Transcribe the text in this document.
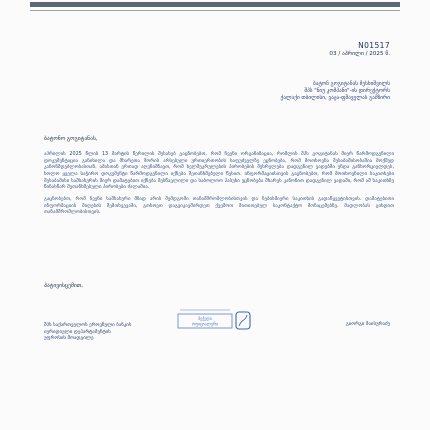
N01517
03 / აპრილი / 2025 წ.
ბატონ გოგიტანას მესხიშვილს
შპს "ნიუ კომპანი"-ის დირექტორს
ქალაქი თბილისი, ვაჟა-ფშაველას გამზირი
ბატონო გოგიტანას,
აპრილის 2025 წლის 13 მარტის წერილის შესახებ გაცნობებთ, რომ ჩვენი ორგანიზაცია, რომლის შპს გოგიტანას მიერ წარმოდგენილი დოკუმენტაცია განიხილა და მხარეთა შორის არსებული ურთიერთობის საფუძველზე ეცნობება, რომ მოთხოვნა შესაბამისობაშია მოქმედ კანონმდებლობასთან. ამასთან ერთად აღვნიშნავთ, რომ ხელშეკრულების პირობების შესრულება დადგენილ ვადებში უნდა განხორციელდეს, ხოლო ყველა საჭირო დოკუმენტი წარმოდგენილი იქნება შეთანხმებული წესით. ინფორმაციისთვის გაცნობებთ, რომ მოთხოვნილი საკითხები შესაბამისი სამსახურის მიერ დამატებით იქნება შესწავლილი და საბოლოო პასუხი ეცნობება მხარეს კანონით დადგენილ ვადაში, რომ ამ საკითხზე წინასწარ შეთანხმებული პირობები ძალაშია.
გაცნობებთ, რომ ჩვენი სამსახური მზად არის შემდგომი თანამშრომლობისთვის და ნებისმიერი საკითხის გადაწყვეტისთვის. დამატებითი ინფორმაციის მიღების შემთხვევაში, გთხოვთ დაგვიკავშირდეთ ქვემოთ მითითებულ საკონტაქტო მონაცემებზე. მადლობას გიხდით თანამშრომლობისთვის.
პატივისცემით,
შპს საქართველოს ეროვნული ბანკის
იურიდიული დეპარტამენტის
უფროსის მოადგილე
ბეჭედი
ოფიციალური	გიორგი მაისურაძე
